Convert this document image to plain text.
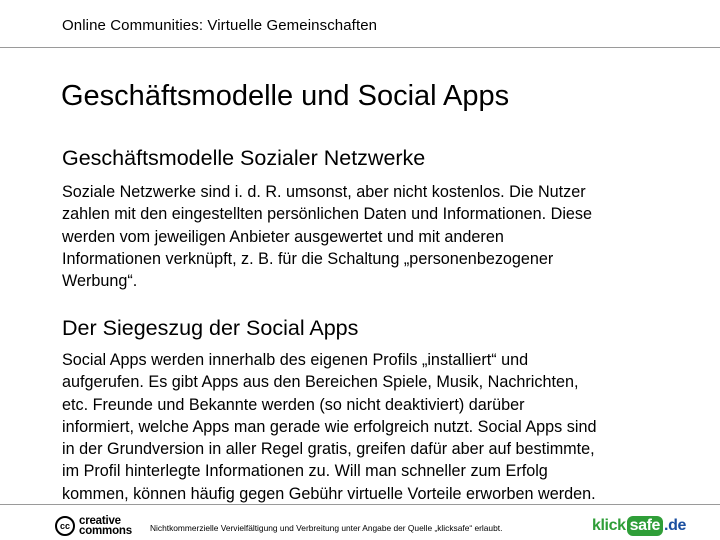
Online Communities: Virtuelle Gemeinschaften
Geschäftsmodelle und Social Apps
Geschäftsmodelle Sozialer Netzwerke

Soziale Netzwerke sind i. d. R. umsonst, aber nicht kostenlos. Die Nutzer
zahlen mit den eingestellten persönlichen Daten und Informationen. Diese
werden vom jeweiligen Anbieter ausgewertet und mit anderen
Informationen verknüpft, z. B. für die Schaltung „personenbezogener
Werbung“.

Der Siegeszug der Social Apps

Social Apps werden innerhalb des eigenen Profils „installiert“ und
aufgerufen. Es gibt Apps aus den Bereichen Spiele, Musik, Nachrichten,
etc. Freunde und Bekannte werden (so nicht deaktiviert) darüber
informiert, welche Apps man gerade wie erfolgreich nutzt. Social Apps sind
in der Grundversion in aller Regel gratis, greifen dafür aber auf bestimmte,
im Profil hinterlegte Informationen zu. Will man schneller zum Erfolg
kommen, können häufig gegen Gebühr virtuelle Vorteile erworben werden.

cc creative
commons Nichtkommerzielle Vervielfältigung und Verbreitung unter Angabe der Quelle „klicksafe“ erlaubt.	klick safe .de
